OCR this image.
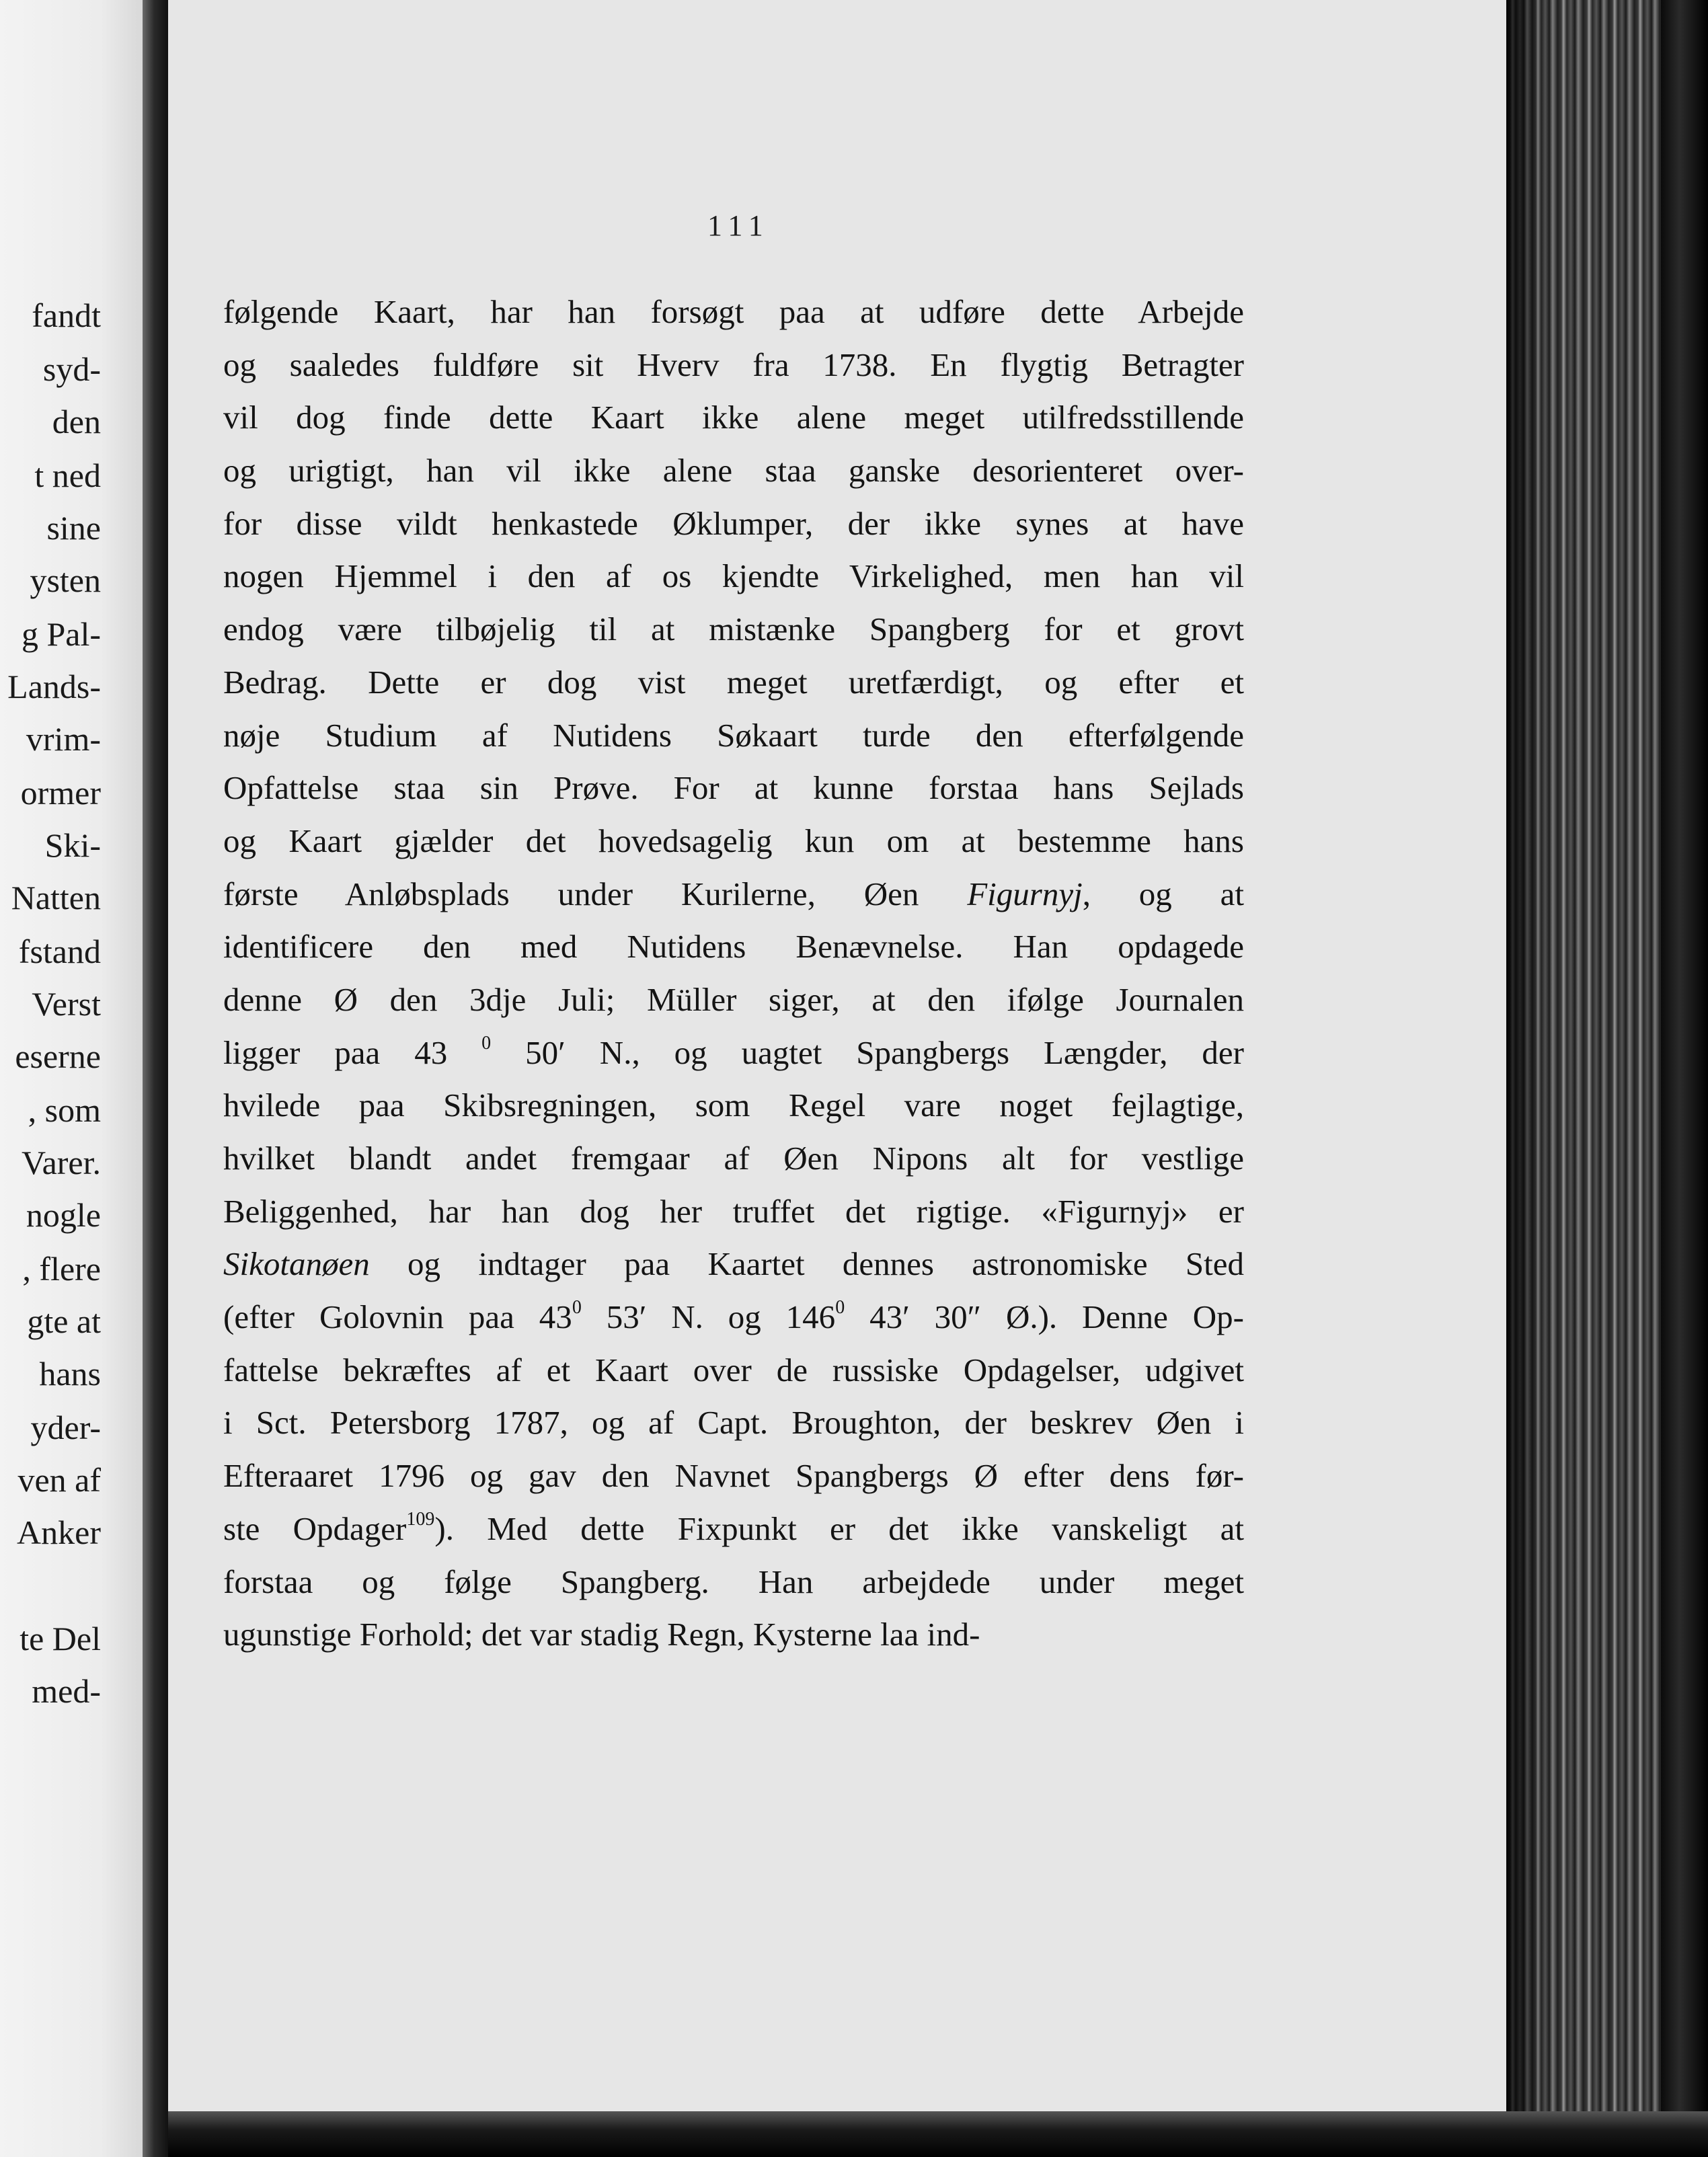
fandt
syd-
den
t ned
sine
ysten
g Pal-
Lands-
vrim-
ormer
Ski-
Natten
fstand
Verst
eserne
, som
Varer.
nogle
, flere
gte at
hans
yder-
ven af
Anker
te Del
med-
111
følgende Kaart, har han forsøgt paa at udføre dette Arbejde
og saaledes fuldføre sit Hverv fra 1738. En flygtig Betragter
vil dog finde dette Kaart ikke alene meget utilfredsstillende
og urigtigt, han vil ikke alene staa ganske desorienteret over-
for disse vildt henkastede Øklumper, der ikke synes at have
nogen Hjemmel i den af os kjendte Virkelighed, men han vil
endog være tilbøjelig til at mistænke Spangberg for et grovt
Bedrag. Dette er dog vist meget uretfærdigt, og efter et
nøje Studium af Nutidens Søkaart turde den efterfølgende
Opfattelse staa sin Prøve. For at kunne forstaa hans Sejlads
og Kaart gjælder det hovedsagelig kun om at bestemme hans
første Anløbsplads under Kurilerne, Øen Figurnyj, og at
identificere den med Nutidens Benævnelse. Han opdagede
denne Ø den 3dje Juli; Müller siger, at den ifølge Journalen
ligger paa 43 $^0$ 50′ N., og uagtet Spangbergs Længder, der
hvilede paa Skibsregningen, som Regel vare noget fejlagtige,
hvilket blandt andet fremgaar af Øen Nipons alt for vestlige
Beliggenhed, har han dog her truffet det rigtige. «Figurnyj» er
Sikotanøen og indtager paa Kaartet dennes astronomiske Sted
(efter Golovnin paa $43^0$ 53′ N. og $146^0$ 43′ 30″ Ø.). Denne Op-
fattelse bekræftes af et Kaart over de russiske Opdagelser, udgivet
i Sct. Petersborg 1787, og af Capt. Broughton, der beskrev Øen i
Efteraaret 1796 og gav den Navnet Spangbergs Ø efter dens før-
ste Opdager$^{109}$). Med dette Fixpunkt er det ikke vanskeligt at
forstaa og følge Spangberg. Han arbejdede under meget
ugunstige Forhold; det var stadig Regn, Kysterne laa ind-
